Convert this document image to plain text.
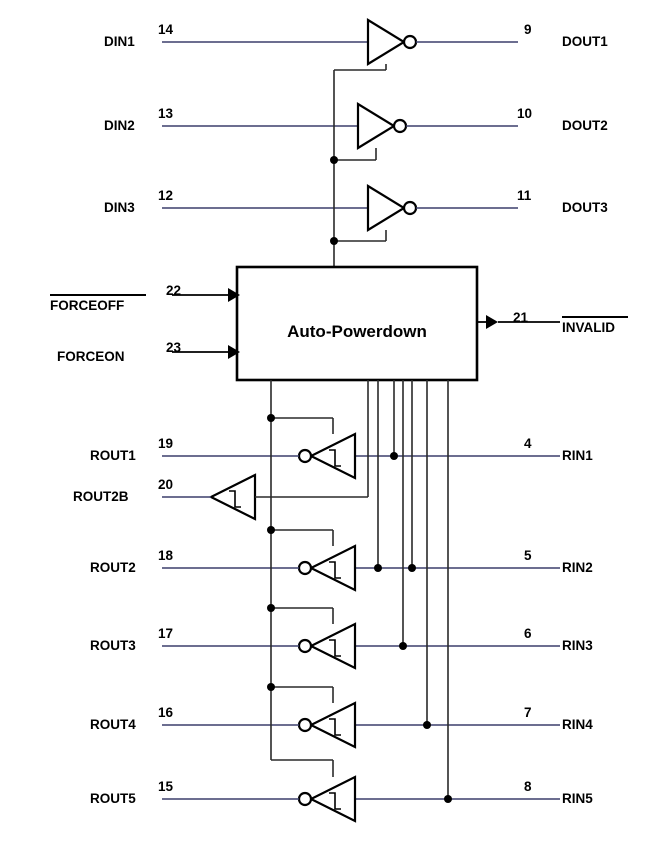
DIN1
14	9
DOUT1
DIN2
13	10
DOUT2
DIN3
12	11
DOUT3
FORCEOFF
22
FORCEON
23
Auto-Powerdown
21
INVALID
ROUT1
19	4
RIN1
ROUT2B
20
ROUT2
18	5
RIN2
ROUT3
17	6
RIN3
ROUT4
16	7
RIN4
ROUT5
15	8
RIN5
